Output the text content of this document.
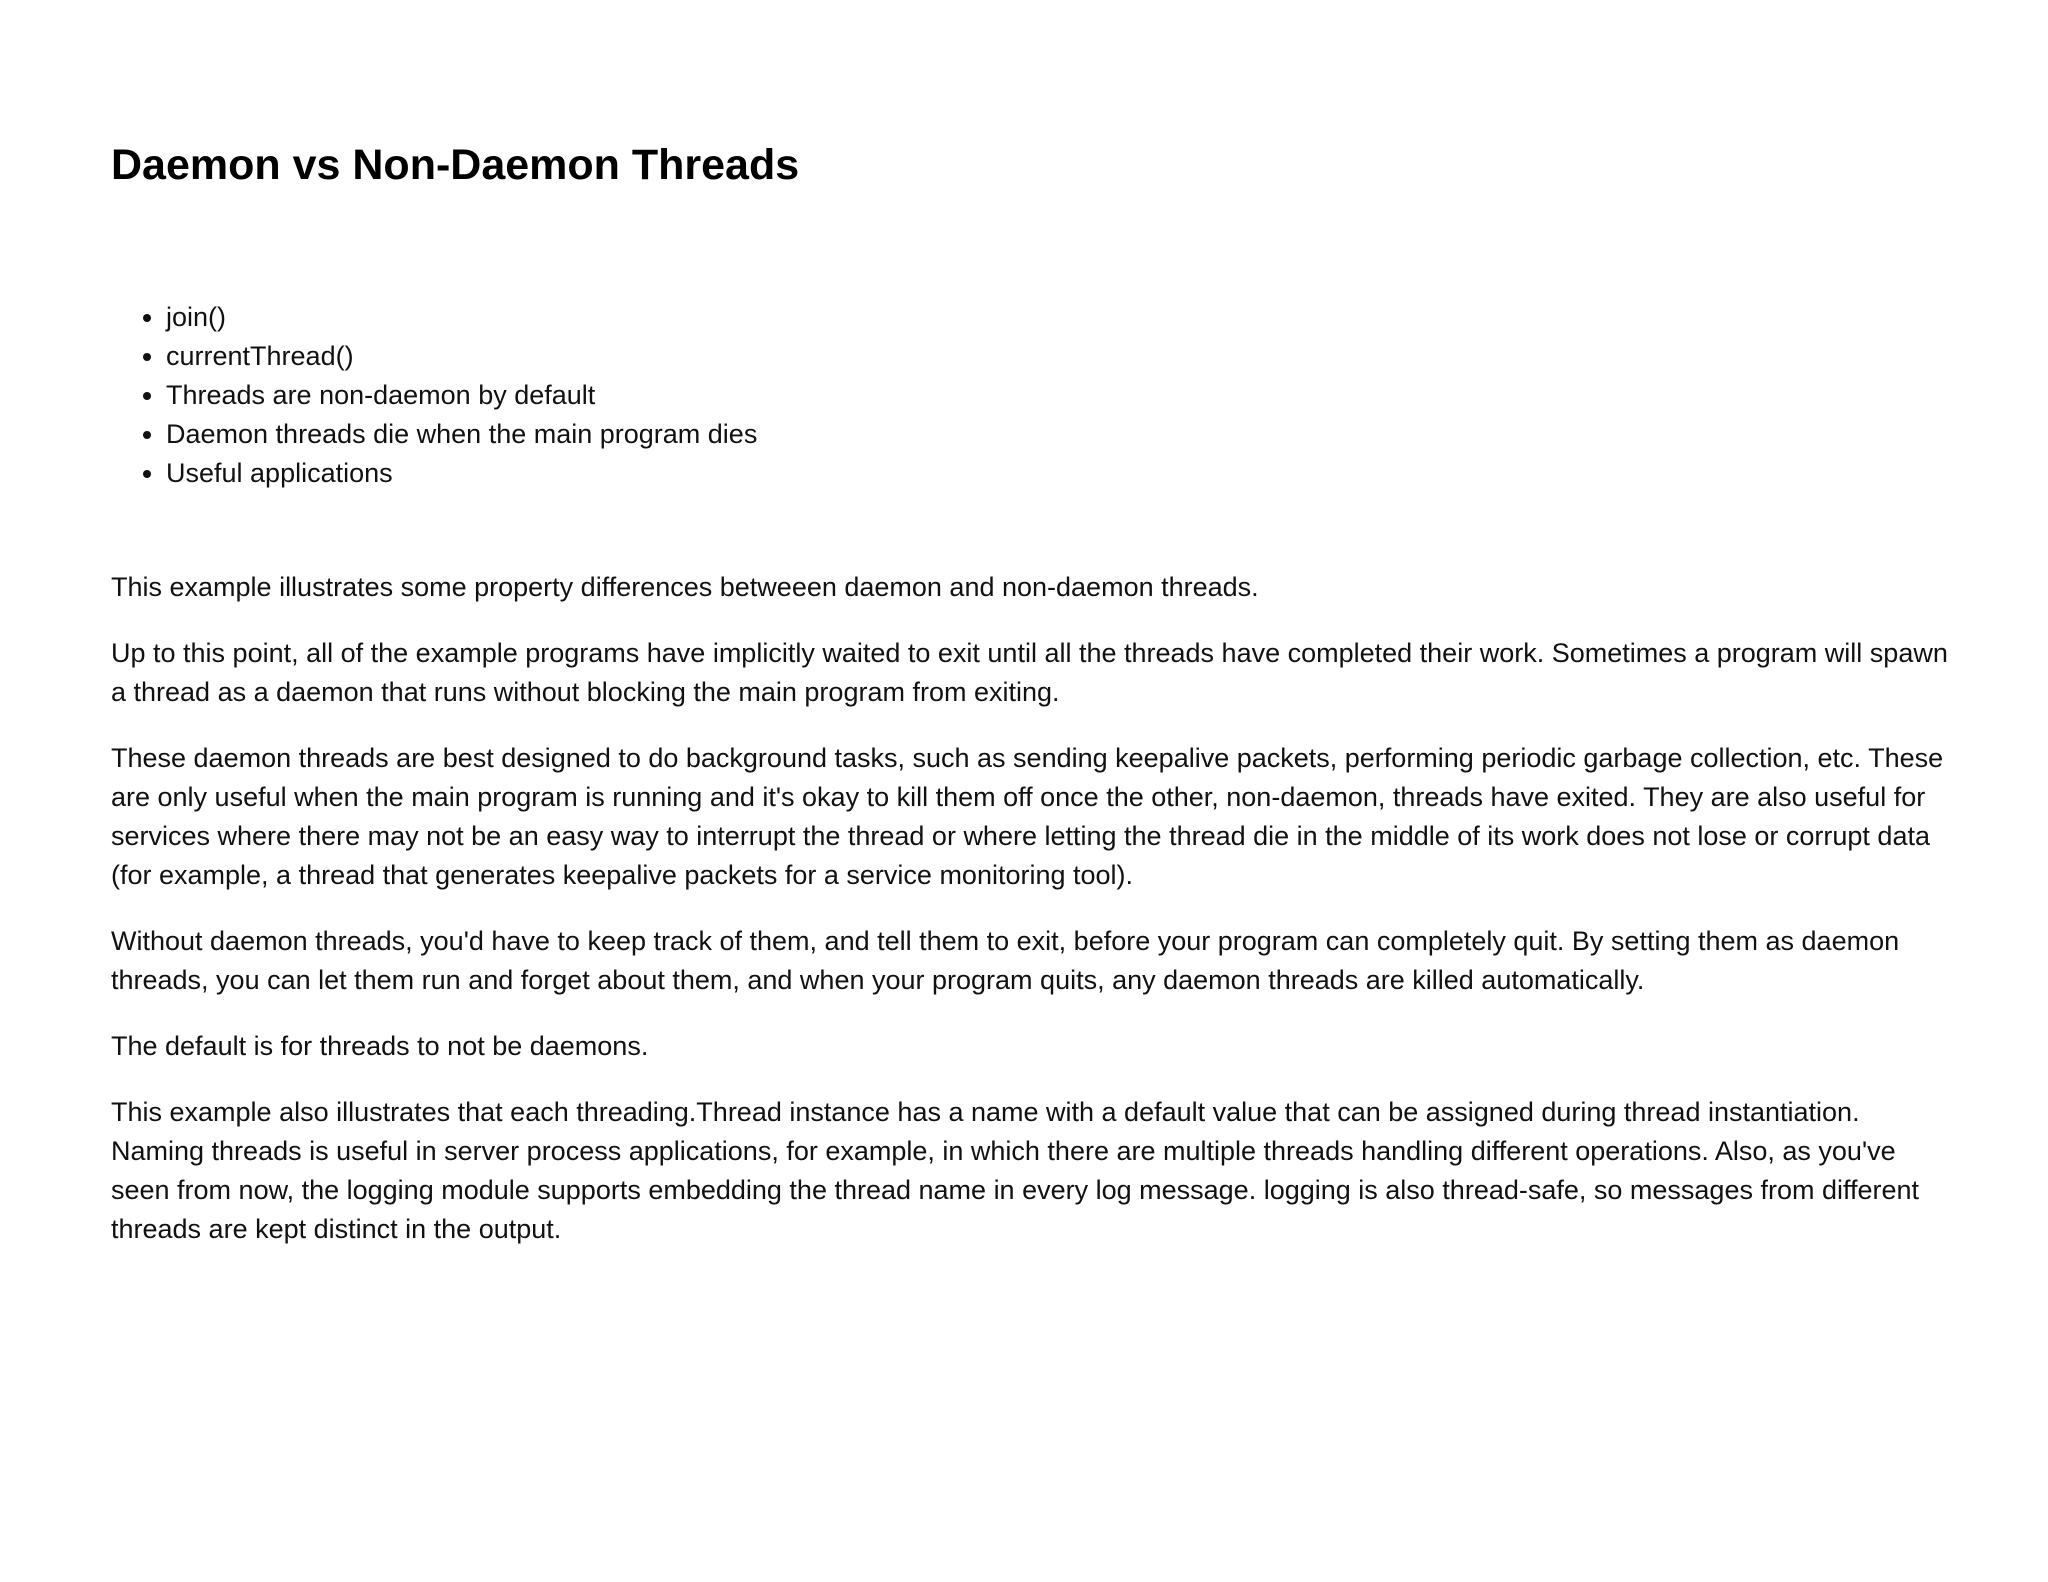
Daemon vs Non-Daemon Threads
• join()
• currentThread()
• Threads are non-daemon by default
• Daemon threads die when the main program dies
• Useful applications

This example illustrates some property differences betweeen daemon and non-daemon threads.

Up to this point, all of the example programs have implicitly waited to exit until all the threads have completed their work. Sometimes a program will spawn a thread as a daemon that runs without blocking the main program from exiting.

These daemon threads are best designed to do background tasks, such as sending keepalive packets, performing periodic garbage collection, etc. These are only useful when the main program is running and it's okay to kill them off once the other, non-daemon, threads have exited. They are also useful for services where there may not be an easy way to interrupt the thread or where letting the thread die in the middle of its work does not lose or corrupt data (for example, a thread that generates keepalive packets for a service monitoring tool).

Without daemon threads, you'd have to keep track of them, and tell them to exit, before your program can completely quit. By setting them as daemon threads, you can let them run and forget about them, and when your program quits, any daemon threads are killed automatically.

The default is for threads to not be daemons.

This example also illustrates that each threading.Thread instance has a name with a default value that can be assigned during thread instantiation. Naming threads is useful in server process applications, for example, in which there are multiple threads handling different operations. Also, as you've seen from now, the logging module supports embedding the thread name in every log message. logging is also thread-safe, so messages from different threads are kept distinct in the output.
